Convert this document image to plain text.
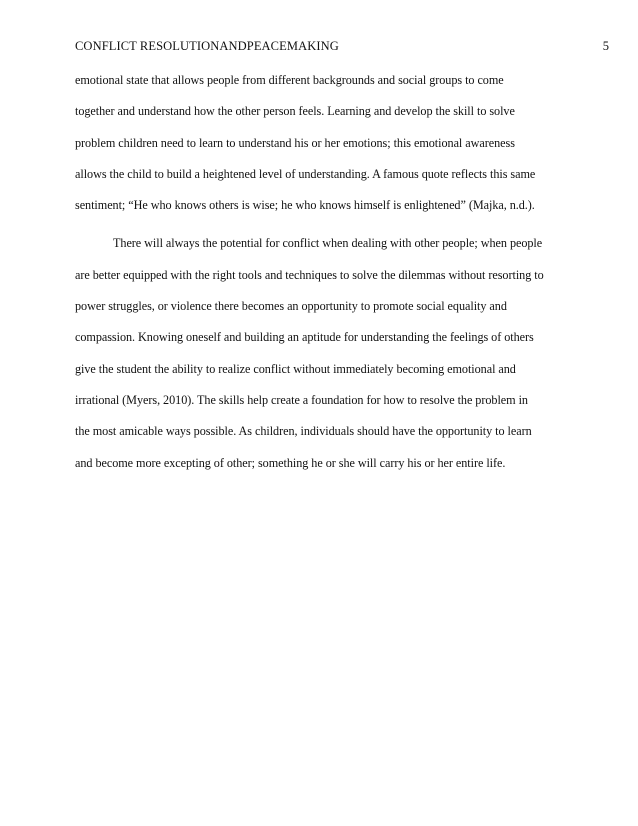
CONFLICT RESOLUTIONANDPEACEMAKING	5
emotional state that allows people from different backgrounds and social groups to come
together and understand how the other person feels. Learning and develop the skill to solve
problem children need to learn to understand his or her emotions; this emotional awareness
allows the child to build a heightened level of understanding. A famous quote reflects this same
sentiment; “He who knows others is wise; he who knows himself is enlightened” (Majka, n.d.).
There will always the potential for conflict when dealing with other people; when people
are better equipped with the right tools and techniques to solve the dilemmas without resorting to
power struggles, or violence there becomes an opportunity to promote social equality and
compassion. Knowing oneself and building an aptitude for understanding the feelings of others
give the student the ability to realize conflict without immediately becoming emotional and
irrational (Myers, 2010). The skills help create a foundation for how to resolve the problem in
the most amicable ways possible. As children, individuals should have the opportunity to learn
and become more excepting of other; something he or she will carry his or her entire life.
